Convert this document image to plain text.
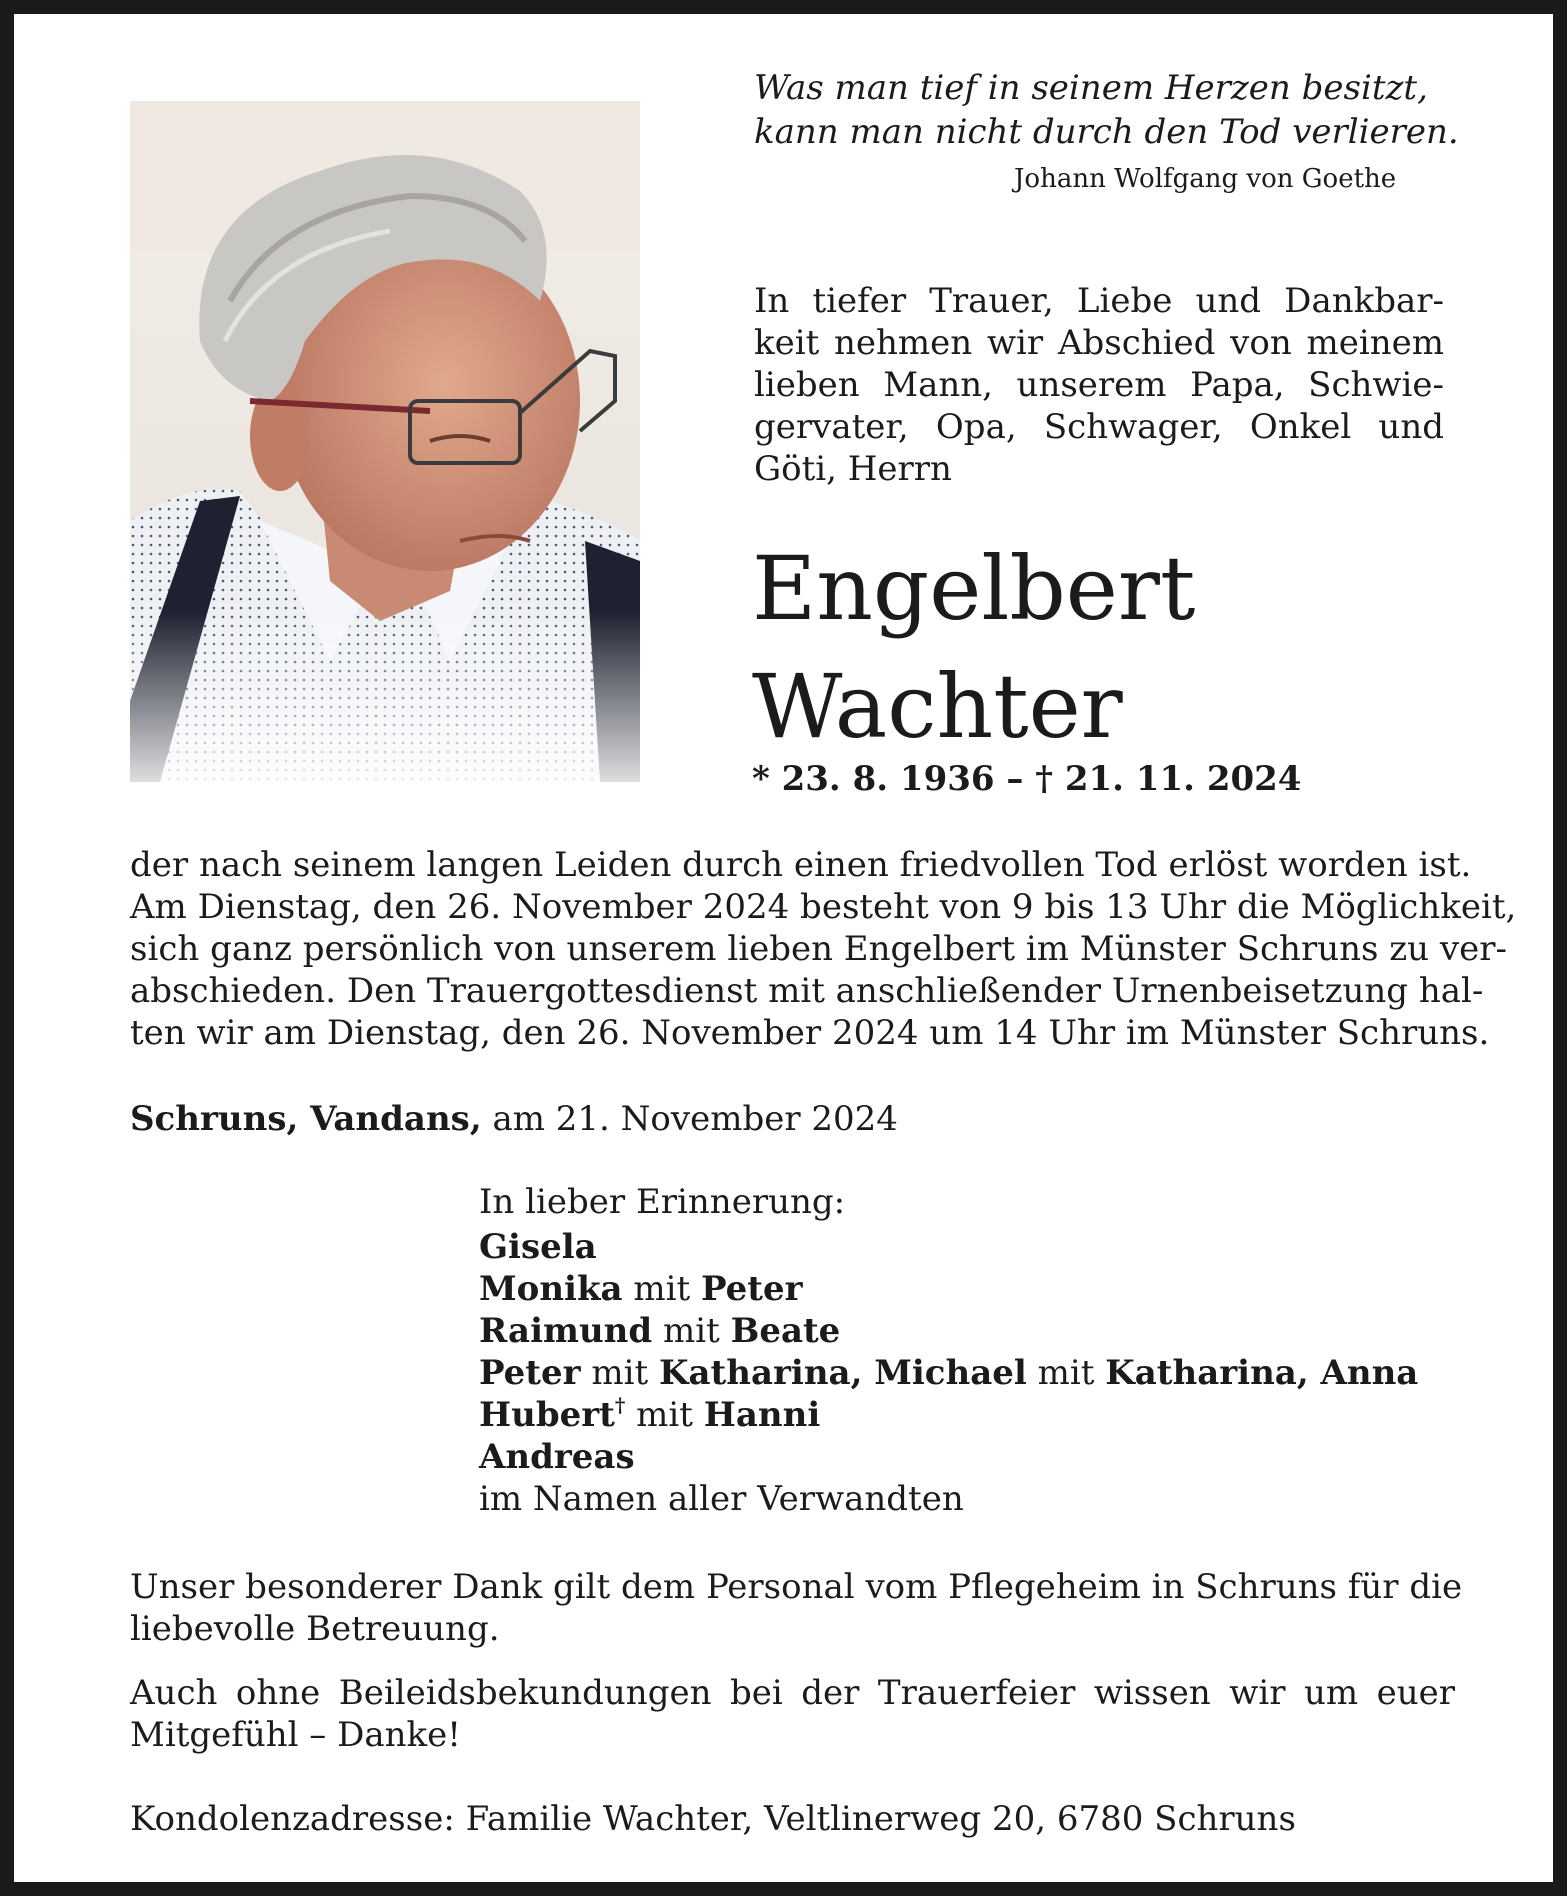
Was man tief in seinem Herzen besitzt,
kann man nicht durch den Tod verlieren.
Johann Wolfgang von Goethe
In tiefer Trauer, Liebe und Dankbar-
keit nehmen wir Abschied von meinem
lieben Mann, unserem Papa, Schwie-
gervater, Opa, Schwager, Onkel und
Göti, Herrn
Engelbert
Wachter
* 23. 8. 1936 – † 21. 11. 2024
der nach seinem langen Leiden durch einen friedvollen Tod erlöst worden ist.
Am Dienstag, den 26. November 2024 besteht von 9 bis 13 Uhr die Möglichkeit,
sich ganz persönlich von unserem lieben Engelbert im Münster Schruns zu ver-
abschieden. Den Trauergottesdienst mit anschließender Urnenbeisetzung hal-
ten wir am Dienstag, den 26. November 2024 um 14 Uhr im Münster Schruns.
Schruns, Vandans, am 21. November 2024
In lieber Erinnerung:
Gisela
Monika mit Peter
Raimund mit Beate
Peter mit Katharina, Michael mit Katharina, Anna
Hubert† mit Hanni
Andreas
im Namen aller Verwandten
Unser besonderer Dank gilt dem Personal vom Pflegeheim in Schruns für die
liebevolle Betreuung.
Auch ohne Beileidsbekundungen bei der Trauerfeier wissen wir um euer
Mitgefühl – Danke!
Kondolenzadresse: Familie Wachter, Veltlinerweg 20, 6780 Schruns
